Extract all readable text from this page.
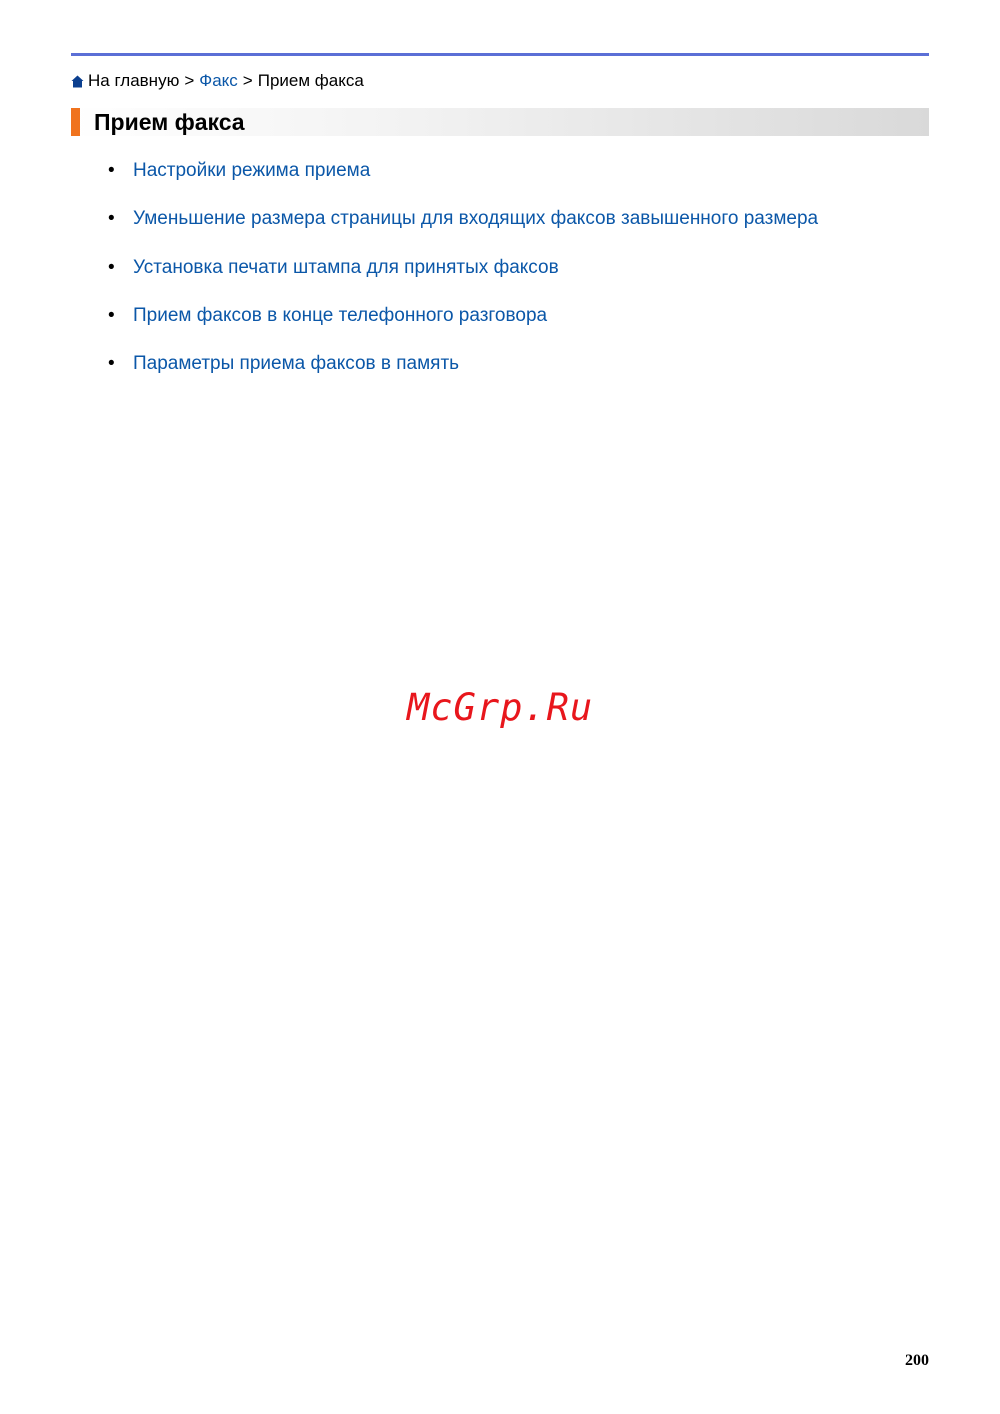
На главную > Факс > Прием факса
Прием факса
• Настройки режима приема
• Уменьшение размера страницы для входящих факсов завышенного размера
• Установка печати штампа для принятых факсов
• Прием факсов в конце телефонного разговора
• Параметры приема факсов в память
McGrp.Ru
200
